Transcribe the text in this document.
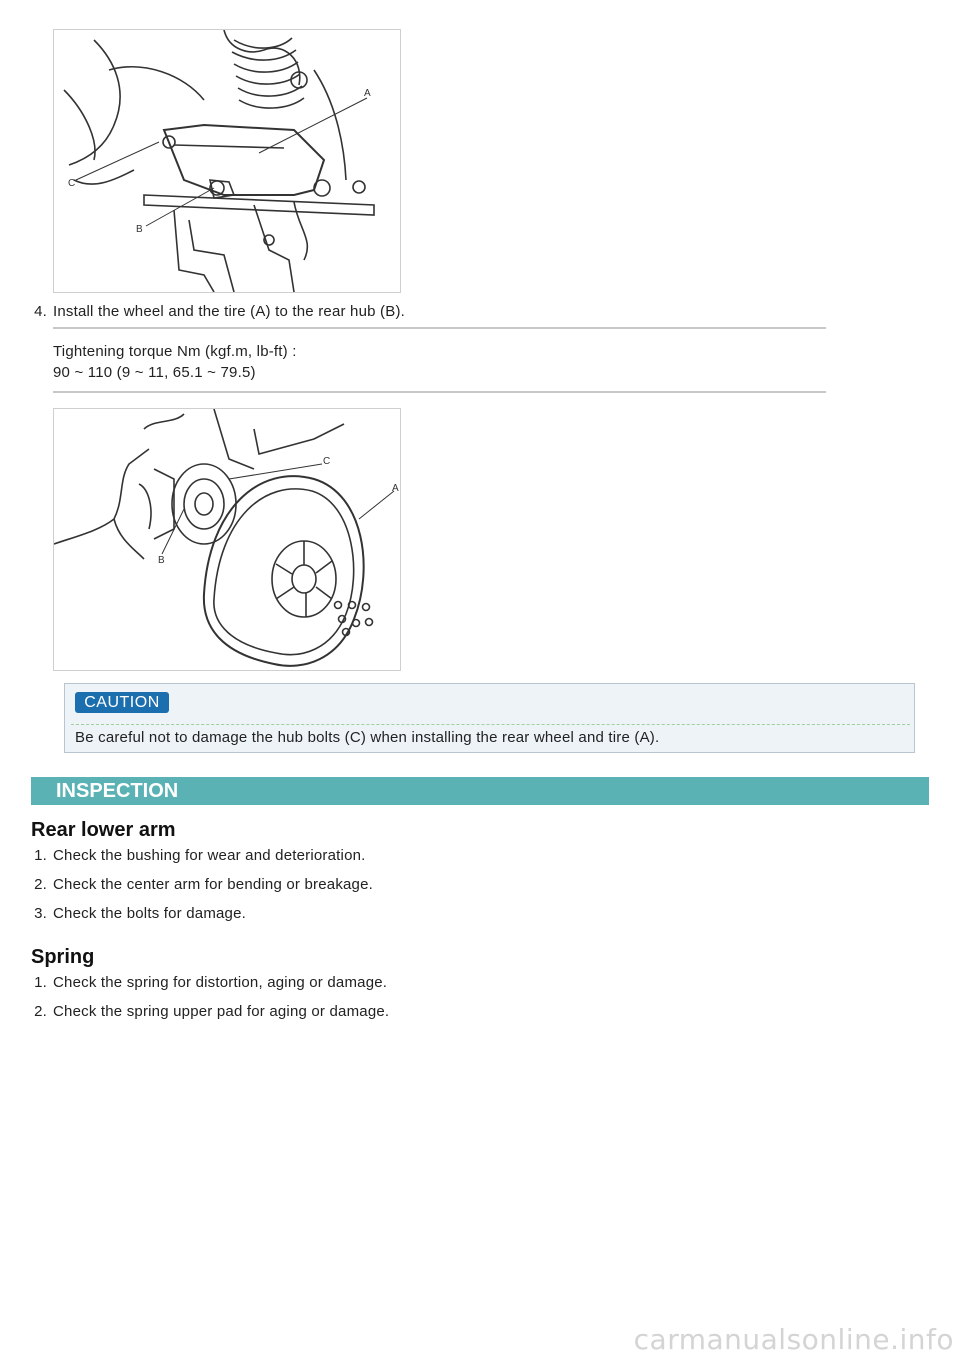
A
C
B
4. Install the wheel and the tire (A) to the rear hub (B).
Tightening torque Nm (kgf.m, lb-ft) :
90 ~ 110 (9 ~ 11, 65.1 ~ 79.5)
C
A
B
CAUTION
Be careful not to damage the hub bolts (C) when installing the rear wheel and tire (A).
INSPECTION
Rear lower arm
1. Check the bushing for wear and deterioration.
2. Check the center arm for bending or breakage.
3. Check the bolts for damage.
Spring
1. Check the spring for distortion, aging or damage.
2. Check the spring upper pad for aging or damage.
carmanualsonline.info
